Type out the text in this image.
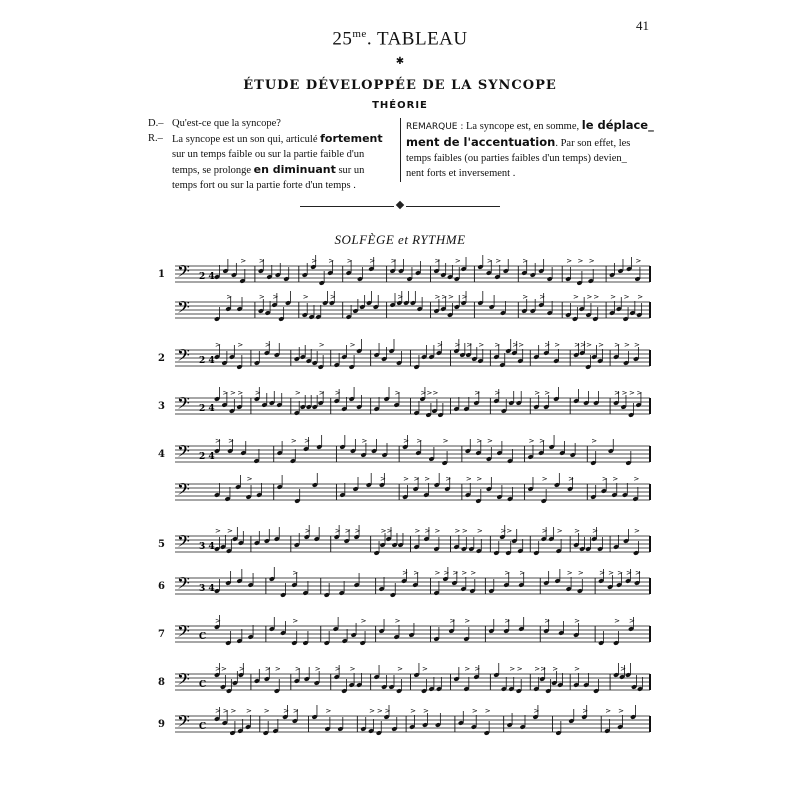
41
$25^{me}$. TABLEAU
✱
ÉTUDE DÉVELOPPÉE DE LA SYNCOPE
THÉORIE
D.– Qu'est-ce que la syncope?
R.– La syncope est un son qui, articulé fortement
sur un temps faible ou sur la partie faible d'un
temps, se prolonge en diminuant sur un
temps fort ou sur la partie forte d'un temps .
REMARQUE : La syncope est, en somme, le déplace_
ment de l'accentuation. Par son effet, les
temps faibles (ou parties faibles d'un temps) devien_
nent forts et inversement .
SOLFÈGE et RYTHME
𝄢 2 4
> >	> > > > >	> >	> >	>	> > >	>
𝄢	>	> >	>	>	>	> > > >	> >	> > > > > >
𝄢 2 4
> >	>	>	>	> > > > > > >	> > > > > > > > >
𝄢 2 4
> > > >	>	> >	>	> > >	> >	> >	> > > >
𝄢 2 4
> >	> >	>	> >	>	> >	> >	>
𝄢	>	> > > > > > >	>	>	> > >
𝄢 3 4
> >	>	> > >	> >	> > > > > >	> >	> > > >	>
𝄢 3 4
>	> > > > > > >	> >	> > > > > > >
𝄢 C
>	>	>	>	> >	>	>	>	> >
𝄢 C
> > >	> > > > > >	>	>	> >	> > > > > >	>
𝄢 C
> > > > > > >	>	> > >	> >	> >	>	> > >
1
2
3
4
5
6
7
8
9
